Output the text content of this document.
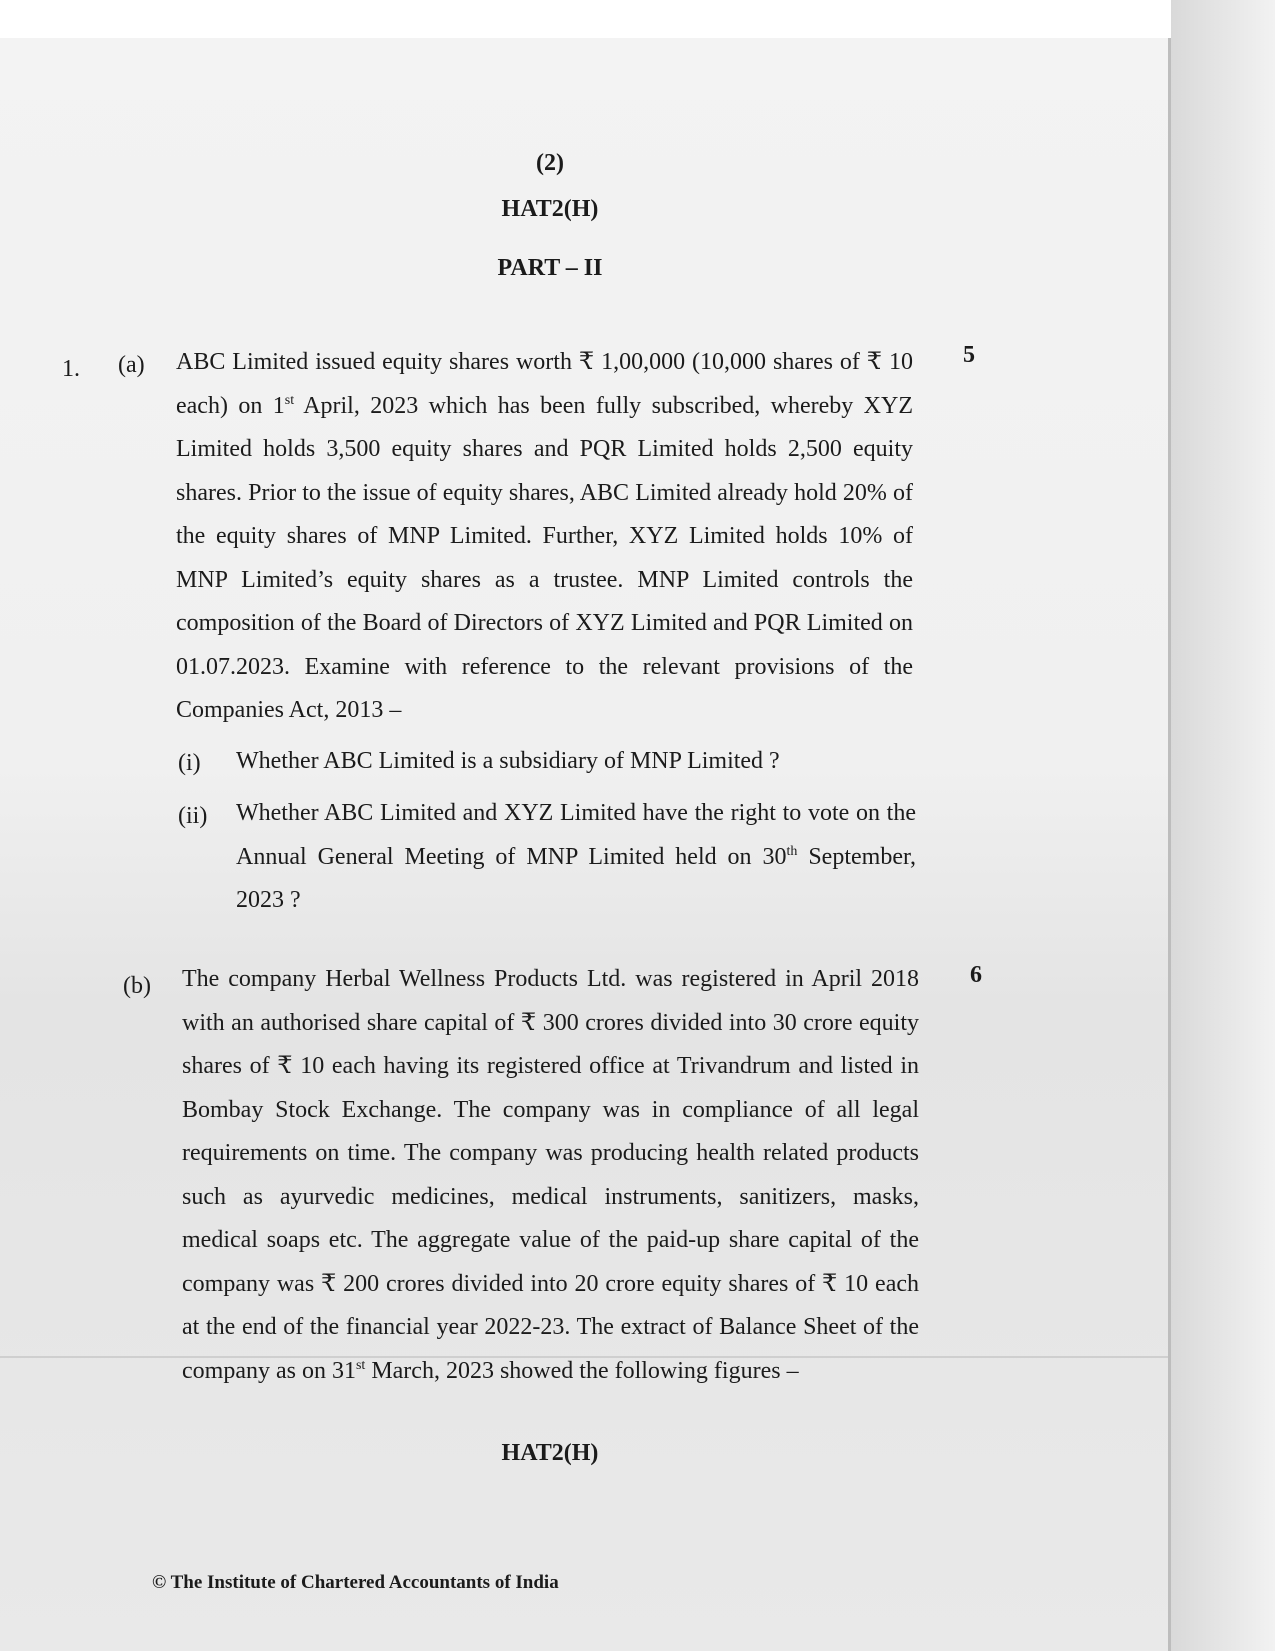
(2)
HAT2(H)
PART – II
1. (a)	5
ABC Limited issued equity shares worth ₹ 1,00,000 (10,000 shares of ₹ 10 each) on 1st April, 2023 which has been fully subscribed, whereby XYZ Limited holds 3,500 equity shares and PQR Limited holds 2,500 equity shares. Prior to the issue of equity shares, ABC Limited already hold 20% of the equity shares of MNP Limited. Further, XYZ Limited holds 10% of MNP Limited’s equity shares as a trustee. MNP Limited controls the composition of the Board of Directors of XYZ Limited and PQR Limited on 01.07.2023. Examine with reference to the relevant provisions of the Companies Act, 2013 –
(i) Whether ABC Limited is a subsidiary of MNP Limited ?
(ii) Whether ABC Limited and XYZ Limited have the right to vote on the Annual General Meeting of MNP Limited held on 30th September, 2023 ?
(b)	6
The company Herbal Wellness Products Ltd. was registered in April 2018 with an authorised share capital of ₹ 300 crores divided into 30 crore equity shares of ₹ 10 each having its registered office at Trivandrum and listed in Bombay Stock Exchange. The company was in compliance of all legal requirements on time. The company was producing health related products such as ayurvedic medicines, medical instruments, sanitizers, masks, medical soaps etc. The aggregate value of the paid-up share capital of the company was ₹ 200 crores divided into 20 crore equity shares of ₹ 10 each at the end of the financial year 2022-23. The extract of Balance Sheet of the company as on 31st March, 2023 showed the following figures –
HAT2(H)
© The Institute of Chartered Accountants of India
